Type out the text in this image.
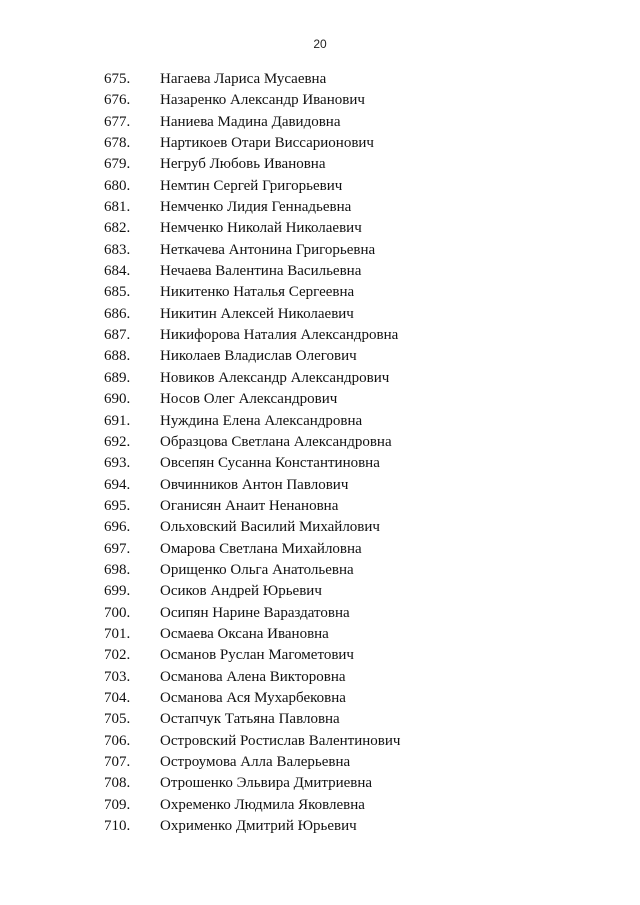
20
675. Нагаева Лариса Мусаевна
676. Назаренко Александр Иванович
677. Наниева Мадина Давидовна
678. Нартикоев Отари Виссарионович
679. Негруб Любовь Ивановна
680. Немтин Сергей Григорьевич
681. Немченко Лидия Геннадьевна
682. Немченко Николай Николаевич
683. Неткачева Антонина Григорьевна
684. Нечаева Валентина Васильевна
685. Никитенко Наталья Сергеевна
686. Никитин Алексей Николаевич
687. Никифорова Наталия Александровна
688. Николаев Владислав Олегович
689. Новиков Александр Александрович
690. Носов Олег Александрович
691. Нуждина Елена Александровна
692. Образцова Светлана Александровна
693. Овсепян Сусанна Константиновна
694. Овчинников Антон Павлович
695. Оганисян Анаит Ненановна
696. Ольховский Василий Михайлович
697. Омарова Светлана Михайловна
698. Орищенко Ольга Анатольевна
699. Осиков Андрей Юрьевич
700. Осипян Нарине Вараздатовна
701. Осмаева Оксана Ивановна
702. Османов Руслан Магометович
703. Османова Алена Викторовна
704. Османова Ася Мухарбековна
705. Остапчук Татьяна Павловна
706. Островский Ростислав Валентинович
707. Остроумова Алла Валерьевна
708. Отрошенко Эльвира Дмитриевна
709. Охременко Людмила Яковлевна
710. Охрименко Дмитрий Юрьевич
